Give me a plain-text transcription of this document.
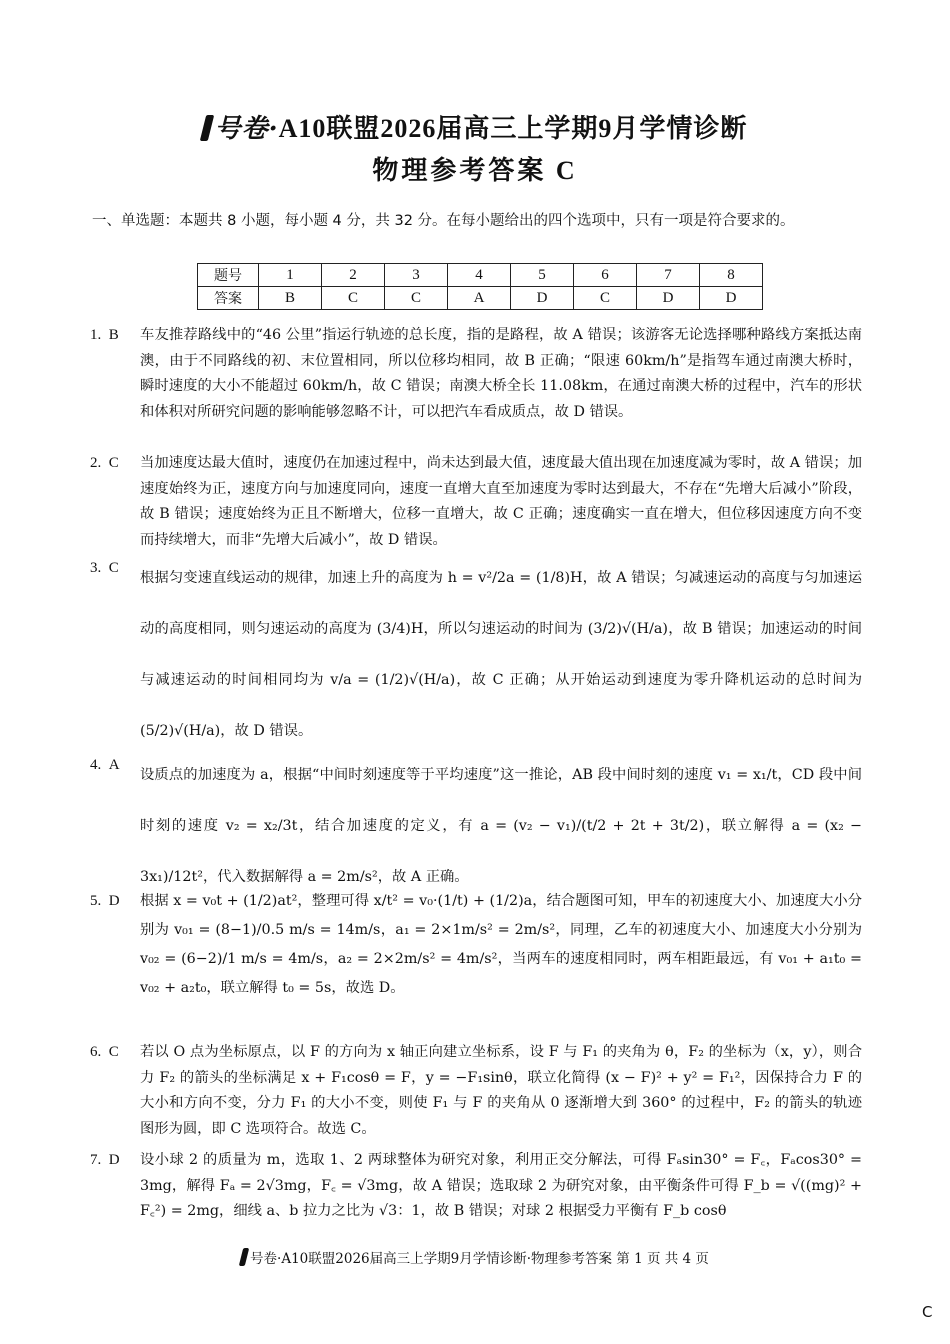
号卷·A10联盟2026届高三上学期9月学情诊断
物理参考答案 C
一、单选题：本题共 8 小题，每小题 4 分，共 32 分。在每小题给出的四个选项中，只有一项是符合要求的。
题号	1	2	3	4	5	6	7	8
答案	B	C	C	A	D	C	D	D
1. B 车友推荐路线中的“46 公里”指运行轨迹的总长度，指的是路程，故 A 错误；该游客无论选择哪种路线方案抵达南澳，由于不同路线的初、末位置相同，所以位移均相同，故 B 正确；“限速 60km/h”是指驾车通过南澳大桥时，瞬时速度的大小不能超过 60km/h，故 C 错误；南澳大桥全长 11.08km，在通过南澳大桥的过程中，汽车的形状和体积对所研究问题的影响能够忽略不计，可以把汽车看成质点，故 D 错误。
2. C 当加速度达最大值时，速度仍在加速过程中，尚未达到最大值，速度最大值出现在加速度减为零时，故 A 错误；加速度始终为正，速度方向与加速度同向，速度一直增大直至加速度为零时达到最大，不存在“先增大后减小”阶段，故 B 错误；速度始终为正且不断增大，位移一直增大，故 C 正确；速度确实一直在增大，但位移因速度方向不变而持续增大，而非“先增大后减小”，故 D 错误。
3. C
根据匀变速直线运动的规律，加速上升的高度为 h = v²/2a = (1/8)H，故 A 错误；匀减速运动的高度与匀加速运动的高度相同，则匀速运动的高度为 (3/4)H，所以匀速运动的时间为 (3/2)√(H/a)，故 B 错误；加速运动的时间与减速运动的时间相同均为 v/a = (1/2)√(H/a)，故 C 正确；从开始运动到速度为零升降机运动的总时间为 (5/2)√(H/a)，故 D 错误。
4. A
设质点的加速度为 a，根据“中间时刻速度等于平均速度”这一推论，AB 段中间时刻的速度 v₁ = x₁/t，CD 段中间时刻的速度 v₂ = x₂/3t，结合加速度的定义，有 a = (v₂ − v₁)/(t/2 + 2t + 3t/2)，联立解得 a = (x₂ − 3x₁)/12t²，代入数据解得 a = 2m/s²，故 A 正确。
5. D 根据 x = v₀t + (1/2)at²，整理可得 x/t² = v₀·(1/t) + (1/2)a，结合题图可知，甲车的初速度大小、加速度大小分别为 v₀₁ = (8−1)/0.5 m/s = 14m/s，a₁ = 2×1m/s² = 2m/s²，同理，乙车的初速度大小、加速度大小分别为 v₀₂ = (6−2)/1 m/s = 4m/s，a₂ = 2×2m/s² = 4m/s²，当两车的速度相同时，两车相距最远，有 v₀₁ + a₁t₀ = v₀₂ + a₂t₀，联立解得 t₀ = 5s，故选 D。
6. C 若以 O 点为坐标原点，以 F 的方向为 x 轴正向建立坐标系，设 F 与 F₁ 的夹角为 θ，F₂ 的坐标为（x，y），则合力 F₂ 的箭头的坐标满足 x + F₁cosθ = F，y = −F₁sinθ，联立化简得 (x − F)² + y² = F₁²，因保持合力 F 的大小和方向不变，分力 F₁ 的大小不变，则使 F₁ 与 F 的夹角从 0 逐渐增大到 360° 的过程中，F₂ 的箭头的轨迹图形为圆，即 C 选项符合。故选 C。
7. D 设小球 2 的质量为 m，选取 1、2 两球整体为研究对象，利用正交分解法，可得 Fₐsin30° = F꜀，Fₐcos30° = 3mg，解得 Fₐ = 2√3mg，F꜀ = √3mg，故 A 错误；选取球 2 为研究对象，由平衡条件可得 F_b = √((mg)² + F꜀²) = 2mg，细线 a、b 拉力之比为 √3：1，故 B 错误；对球 2 根据受力平衡有 F_b cosθ
号卷·A10联盟2026届高三上学期9月学情诊断·物理参考答案 第 1 页 共 4 页
C
